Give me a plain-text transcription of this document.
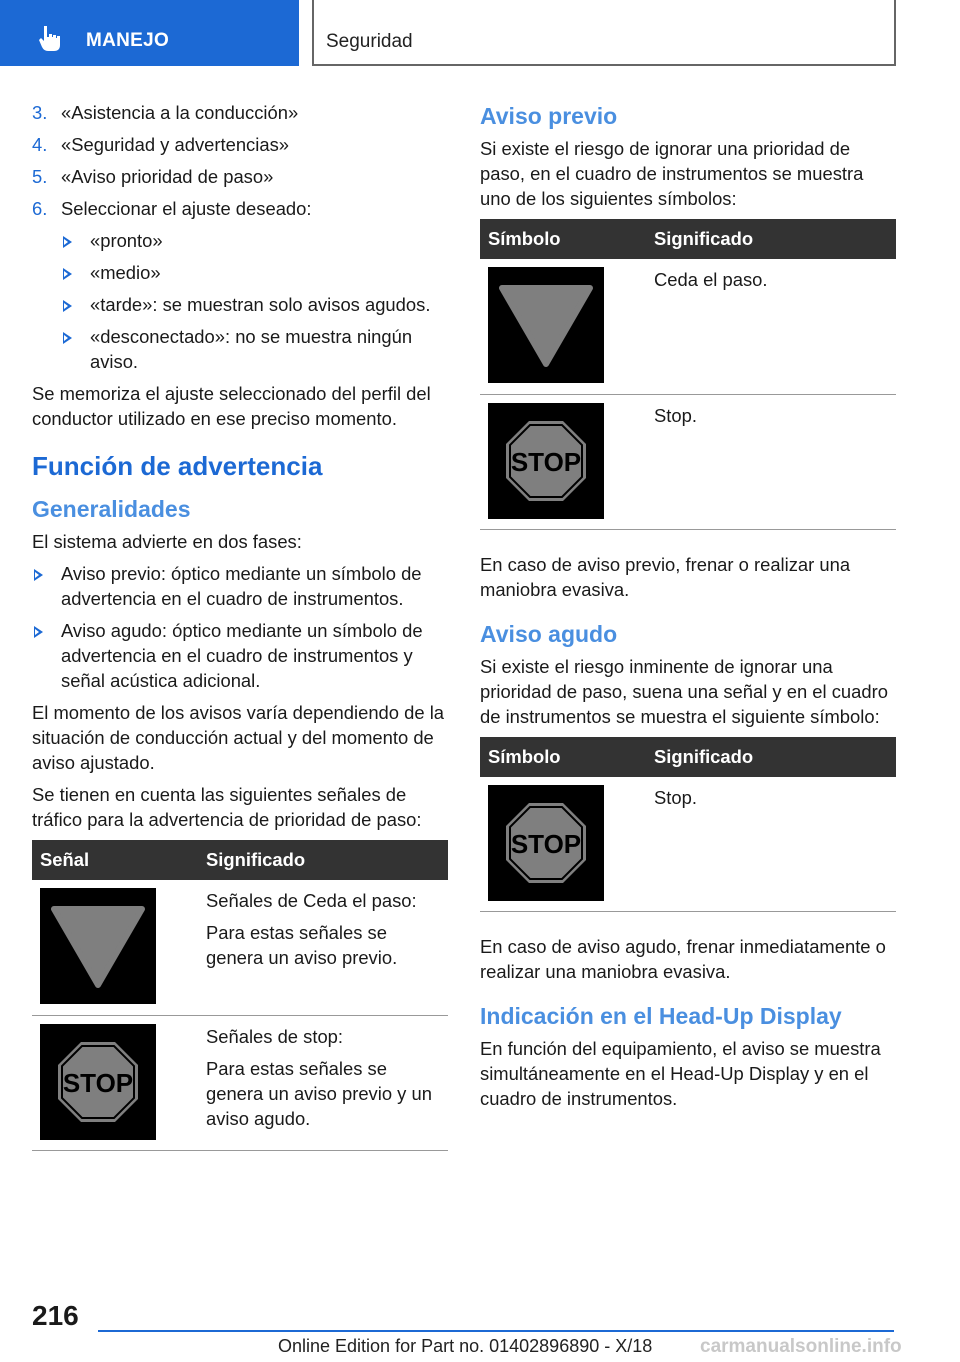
MANEJO	Seguridad
3. «Asistencia a la conducción»
4. «Seguridad y advertencias»
5. «Aviso prioridad de paso»
6. Seleccionar el ajuste deseado:
«pronto»
«medio»
«tarde»: se muestran solo avisos agudos.
«desconectado»: no se muestra ningún aviso.

Se memoriza el ajuste seleccionado del perfil del conductor utilizado en ese preciso momento.

Función de advertencia
Generalidades

El sistema advierte en dos fases:

Aviso previo: óptico mediante un símbolo de advertencia en el cuadro de instrumentos.
Aviso agudo: óptico mediante un símbolo de advertencia en el cuadro de instrumentos y señal acústica adicional.

El momento de los avisos varía dependiendo de la situación de conducción actual y del momento de aviso ajustado.

Se tienen en cuenta las siguientes señales de tráfico para la advertencia de prioridad de paso:

Señal	Significado

Señales de Ceda el paso:
Para estas señales se genera un aviso previo.

STOP	Señales de stop:
Para estas señales se genera un aviso previo y un aviso agudo.
Aviso previo

Si existe el riesgo de ignorar una prioridad de paso, en el cuadro de instrumentos se muestra uno de los siguientes símbolos:

Símbolo	Significado

Ceda el paso.

STOP	Stop.

En caso de aviso previo, frenar o realizar una maniobra evasiva.

Aviso agudo

Si existe el riesgo inminente de ignorar una prioridad de paso, suena una señal y en el cuadro de instrumentos se muestra el siguiente símbolo:

Símbolo	Significado

STOP	Stop.

En caso de aviso agudo, frenar inmediatamente o realizar una maniobra evasiva.

Indicación en el Head-Up Display

En función del equipamiento, el aviso se muestra simultáneamente en el Head-Up Display y en el cuadro de instrumentos.

216
Online Edition for Part no. 01402896890 - X/18	carmanualsonline.info
